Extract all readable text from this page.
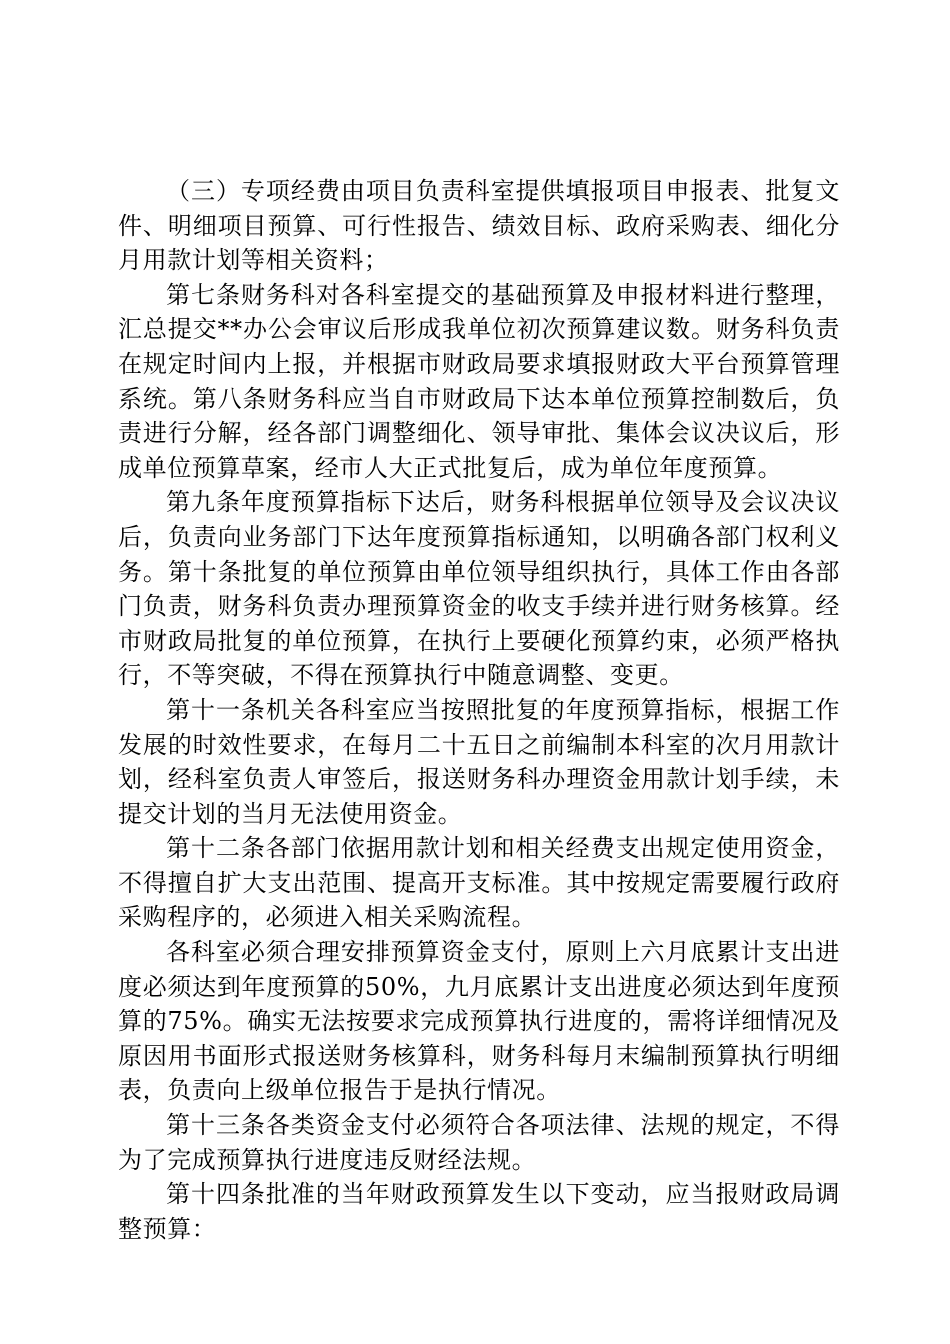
（三）专项经费由项目负责科室提供填报项目申报表、批复文件、明细项目预算、可行性报告、绩效目标、政府采购表、细化分月用款计划等相关资料；

第七条财务科对各科室提交的基础预算及申报材料进行整理，汇总提交**办公会审议后形成我单位初次预算建议数。财务科负责在规定时间内上报，并根据市财政局要求填报财政大平台预算管理系统。第八条财务科应当自市财政局下达本单位预算控制数后，负责进行分解，经各部门调整细化、领导审批、集体会议决议后，形成单位预算草案，经市人大正式批复后，成为单位年度预算。

第九条年度预算指标下达后，财务科根据单位领导及会议决议后，负责向业务部门下达年度预算指标通知，以明确各部门权利义务。第十条批复的单位预算由单位领导组织执行，具体工作由各部门负责，财务科负责办理预算资金的收支手续并进行财务核算。经市财政局批复的单位预算，在执行上要硬化预算约束，必须严格执行，不等突破，不得在预算执行中随意调整、变更。

第十一条机关各科室应当按照批复的年度预算指标，根据工作发展的时效性要求，在每月二十五日之前编制本科室的次月用款计划，经科室负责人审签后，报送财务科办理资金用款计划手续，未提交计划的当月无法使用资金。

第十二条各部门依据用款计划和相关经费支出规定使用资金，不得擅自扩大支出范围、提高开支标准。其中按规定需要履行政府采购程序的，必须进入相关采购流程。

各科室必须合理安排预算资金支付，原则上六月底累计支出进度必须达到年度预算的50%，九月底累计支出进度必须达到年度预算的75%。确实无法按要求完成预算执行进度的，需将详细情况及原因用书面形式报送财务核算科，财务科每月末编制预算执行明细表，负责向上级单位报告于是执行情况。

第十三条各类资金支付必须符合各项法律、法规的规定，不得为了完成预算执行进度违反财经法规。

第十四条批准的当年财政预算发生以下变动，应当报财政局调整预算：
